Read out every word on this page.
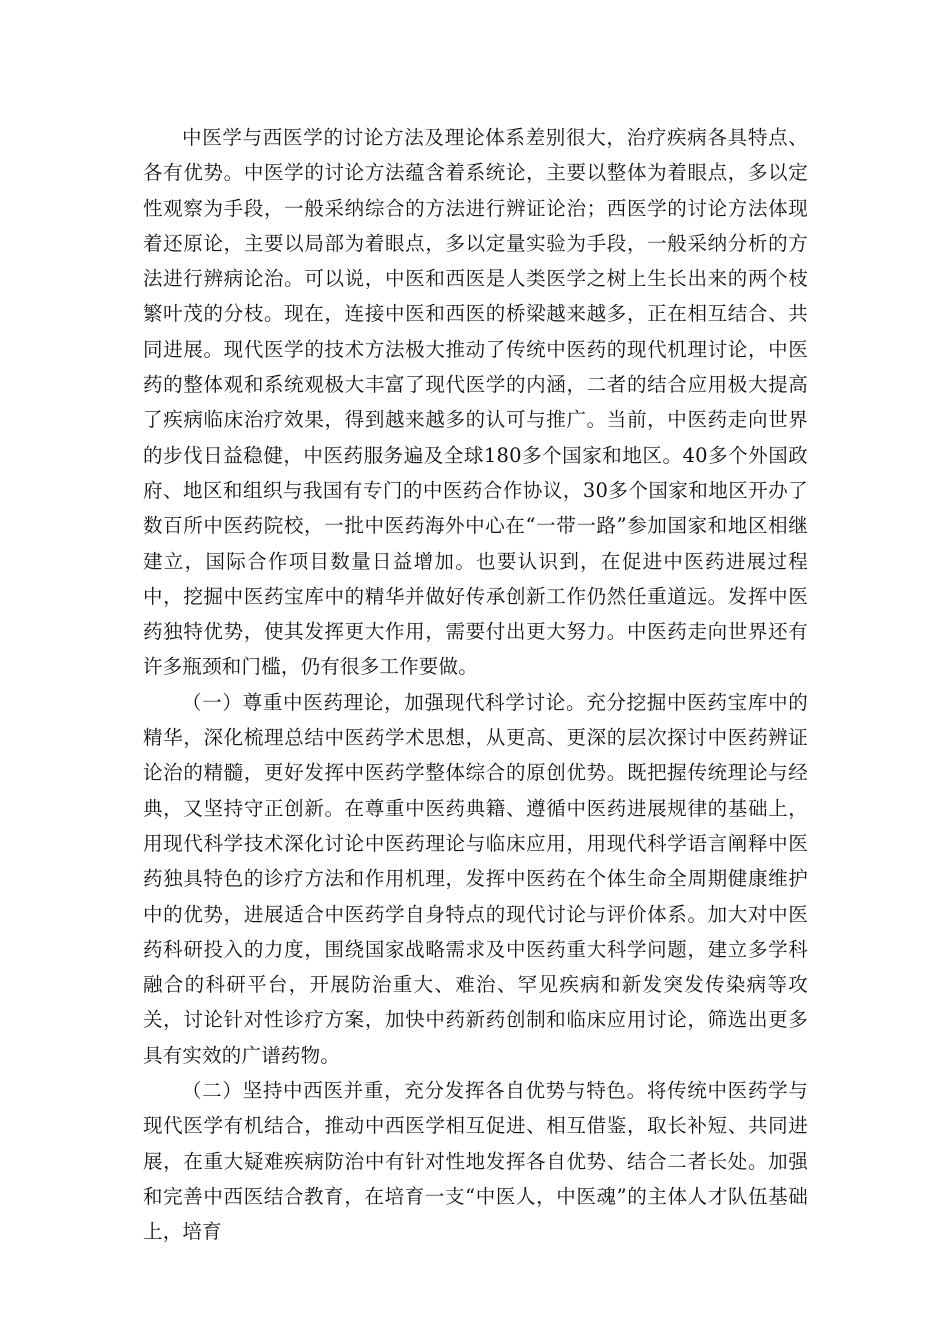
中医学与西医学的讨论方法及理论体系差别很大，治疗疾病各具特点、各有优势。中医学的讨论方法蕴含着系统论，主要以整体为着眼点，多以定性观察为手段，一般采纳综合的方法进行辨证论治；西医学的讨论方法体现着还原论，主要以局部为着眼点，多以定量实验为手段，一般采纳分析的方法进行辨病论治。可以说，中医和西医是人类医学之树上生长出来的两个枝繁叶茂的分枝。现在，连接中医和西医的桥梁越来越多，正在相互结合、共同进展。现代医学的技术方法极大推动了传统中医药的现代机理讨论，中医药的整体观和系统观极大丰富了现代医学的内涵，二者的结合应用极大提高了疾病临床治疗效果，得到越来越多的认可与推广。当前，中医药走向世界的步伐日益稳健，中医药服务遍及全球180多个国家和地区。40多个外国政府、地区和组织与我国有专门的中医药合作协议，30多个国家和地区开办了数百所中医药院校，一批中医药海外中心在“一带一路”参加国家和地区相继建立，国际合作项目数量日益增加。也要认识到，在促进中医药进展过程中，挖掘中医药宝库中的精华并做好传承创新工作仍然任重道远。发挥中医药独特优势，使其发挥更大作用，需要付出更大努力。中医药走向世界还有许多瓶颈和门槛，仍有很多工作要做。

（一）尊重中医药理论，加强现代科学讨论。充分挖掘中医药宝库中的精华，深化梳理总结中医药学术思想，从更高、更深的层次探讨中医药辨证论治的精髓，更好发挥中医药学整体综合的原创优势。既把握传统理论与经典，又坚持守正创新。在尊重中医药典籍、遵循中医药进展规律的基础上，用现代科学技术深化讨论中医药理论与临床应用，用现代科学语言阐释中医药独具特色的诊疗方法和作用机理，发挥中医药在个体生命全周期健康维护中的优势，进展适合中医药学自身特点的现代讨论与评价体系。加大对中医药科研投入的力度，围绕国家战略需求及中医药重大科学问题，建立多学科融合的科研平台，开展防治重大、难治、罕见疾病和新发突发传染病等攻关，讨论针对性诊疗方案，加快中药新药创制和临床应用讨论，筛选出更多具有实效的广谱药物。

（二）坚持中西医并重，充分发挥各自优势与特色。将传统中医药学与现代医学有机结合，推动中西医学相互促进、相互借鉴，取长补短、共同进展，在重大疑难疾病防治中有针对性地发挥各自优势、结合二者长处。加强和完善中西医结合教育，在培育一支“中医人，中医魂”的主体人才队伍基础上，培育
